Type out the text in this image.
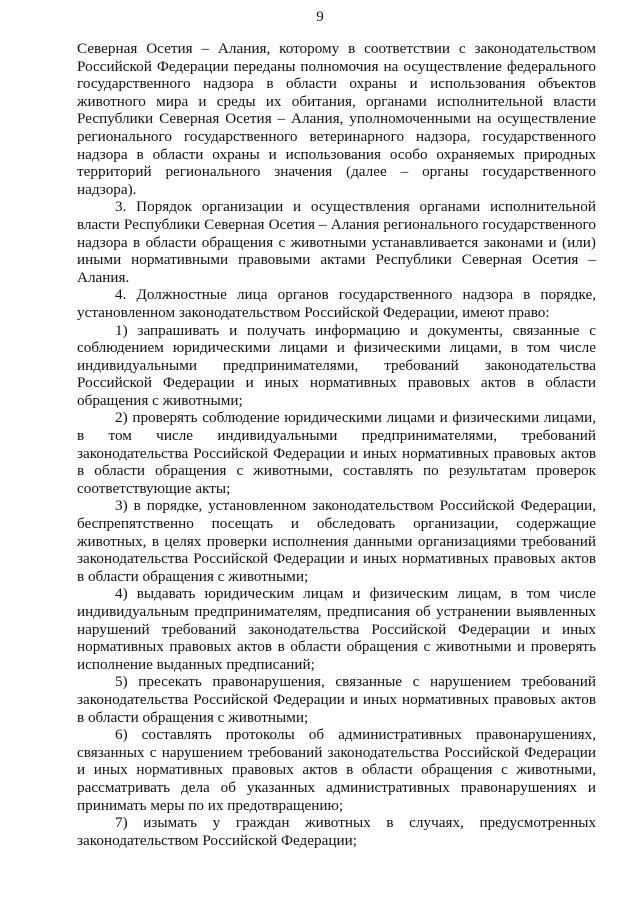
9

Северная Осетия – Алания, которому в соответствии с законодательством Российской Федерации переданы полномочия на осуществление федерального государственного надзора в области охраны и использования объектов животного мира и среды их обитания, органами исполнительной власти Республики Северная Осетия – Алания, уполномоченными на осуществление регионального государственного ветеринарного надзора, государственного надзора в области охраны и использования особо охраняемых природных территорий регионального значения (далее – органы государственного надзора).

3. Порядок организации и осуществления органами исполнительной власти Республики Северная Осетия – Алания регионального государственного надзора в области обращения с животными устанавливается законами и (или) иными нормативными правовыми актами Республики Северная Осетия – Алания.

4. Должностные лица органов государственного надзора в порядке, установленном законодательством Российской Федерации, имеют право:

1) запрашивать и получать информацию и документы, связанные с соблюдением юридическими лицами и физическими лицами, в том числе индивидуальными предпринимателями, требований законодательства Российской Федерации и иных нормативных правовых актов в области обращения с животными;

2) проверять соблюдение юридическими лицами и физическими лицами, в том числе индивидуальными предпринимателями, требований законодательства Российской Федерации и иных нормативных правовых актов в области обращения с животными, составлять по результатам проверок соответствующие акты;

3) в порядке, установленном законодательством Российской Федерации, беспрепятственно посещать и обследовать организации, содержащие животных, в целях проверки исполнения данными организациями требований законодательства Российской Федерации и иных нормативных правовых актов в области обращения с животными;

4) выдавать юридическим лицам и физическим лицам, в том числе индивидуальным предпринимателям, предписания об устранении выявленных нарушений требований законодательства Российской Федерации и иных нормативных правовых актов в области обращения с животными и проверять исполнение выданных предписаний;

5) пресекать правонарушения, связанные с нарушением требований законодательства Российской Федерации и иных нормативных правовых актов в области обращения с животными;

6) составлять протоколы об административных правонарушениях, связанных с нарушением требований законодательства Российской Федерации и иных нормативных правовых актов в области обращения с животными, рассматривать дела об указанных административных правонарушениях и принимать меры по их предотвращению;

7) изымать у граждан животных в случаях, предусмотренных законодательством Российской Федерации;
